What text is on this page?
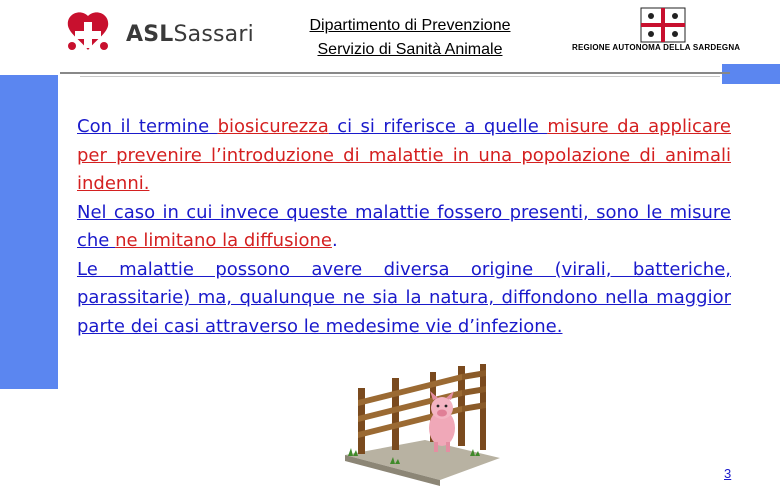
ASLSassari	Dipartimento di Prevenzione
Servizio di Sanità Animale	REGIONE AUTONOMA DELLA SARDEGNA

Con il termine biosicurezza ci si riferisce a quelle misure da applicare per prevenire l’introduzione di malattie in una popolazione di animali indenni.

Nel caso in cui invece queste malattie fossero presenti, sono le misure che ne limitano la diffusione.

Le malattie possono avere diversa origine (virali, batteriche, parassitarie) ma, qualunque ne sia la natura, diffondono nella maggior parte dei casi attraverso le medesime vie d’infezione.

3
